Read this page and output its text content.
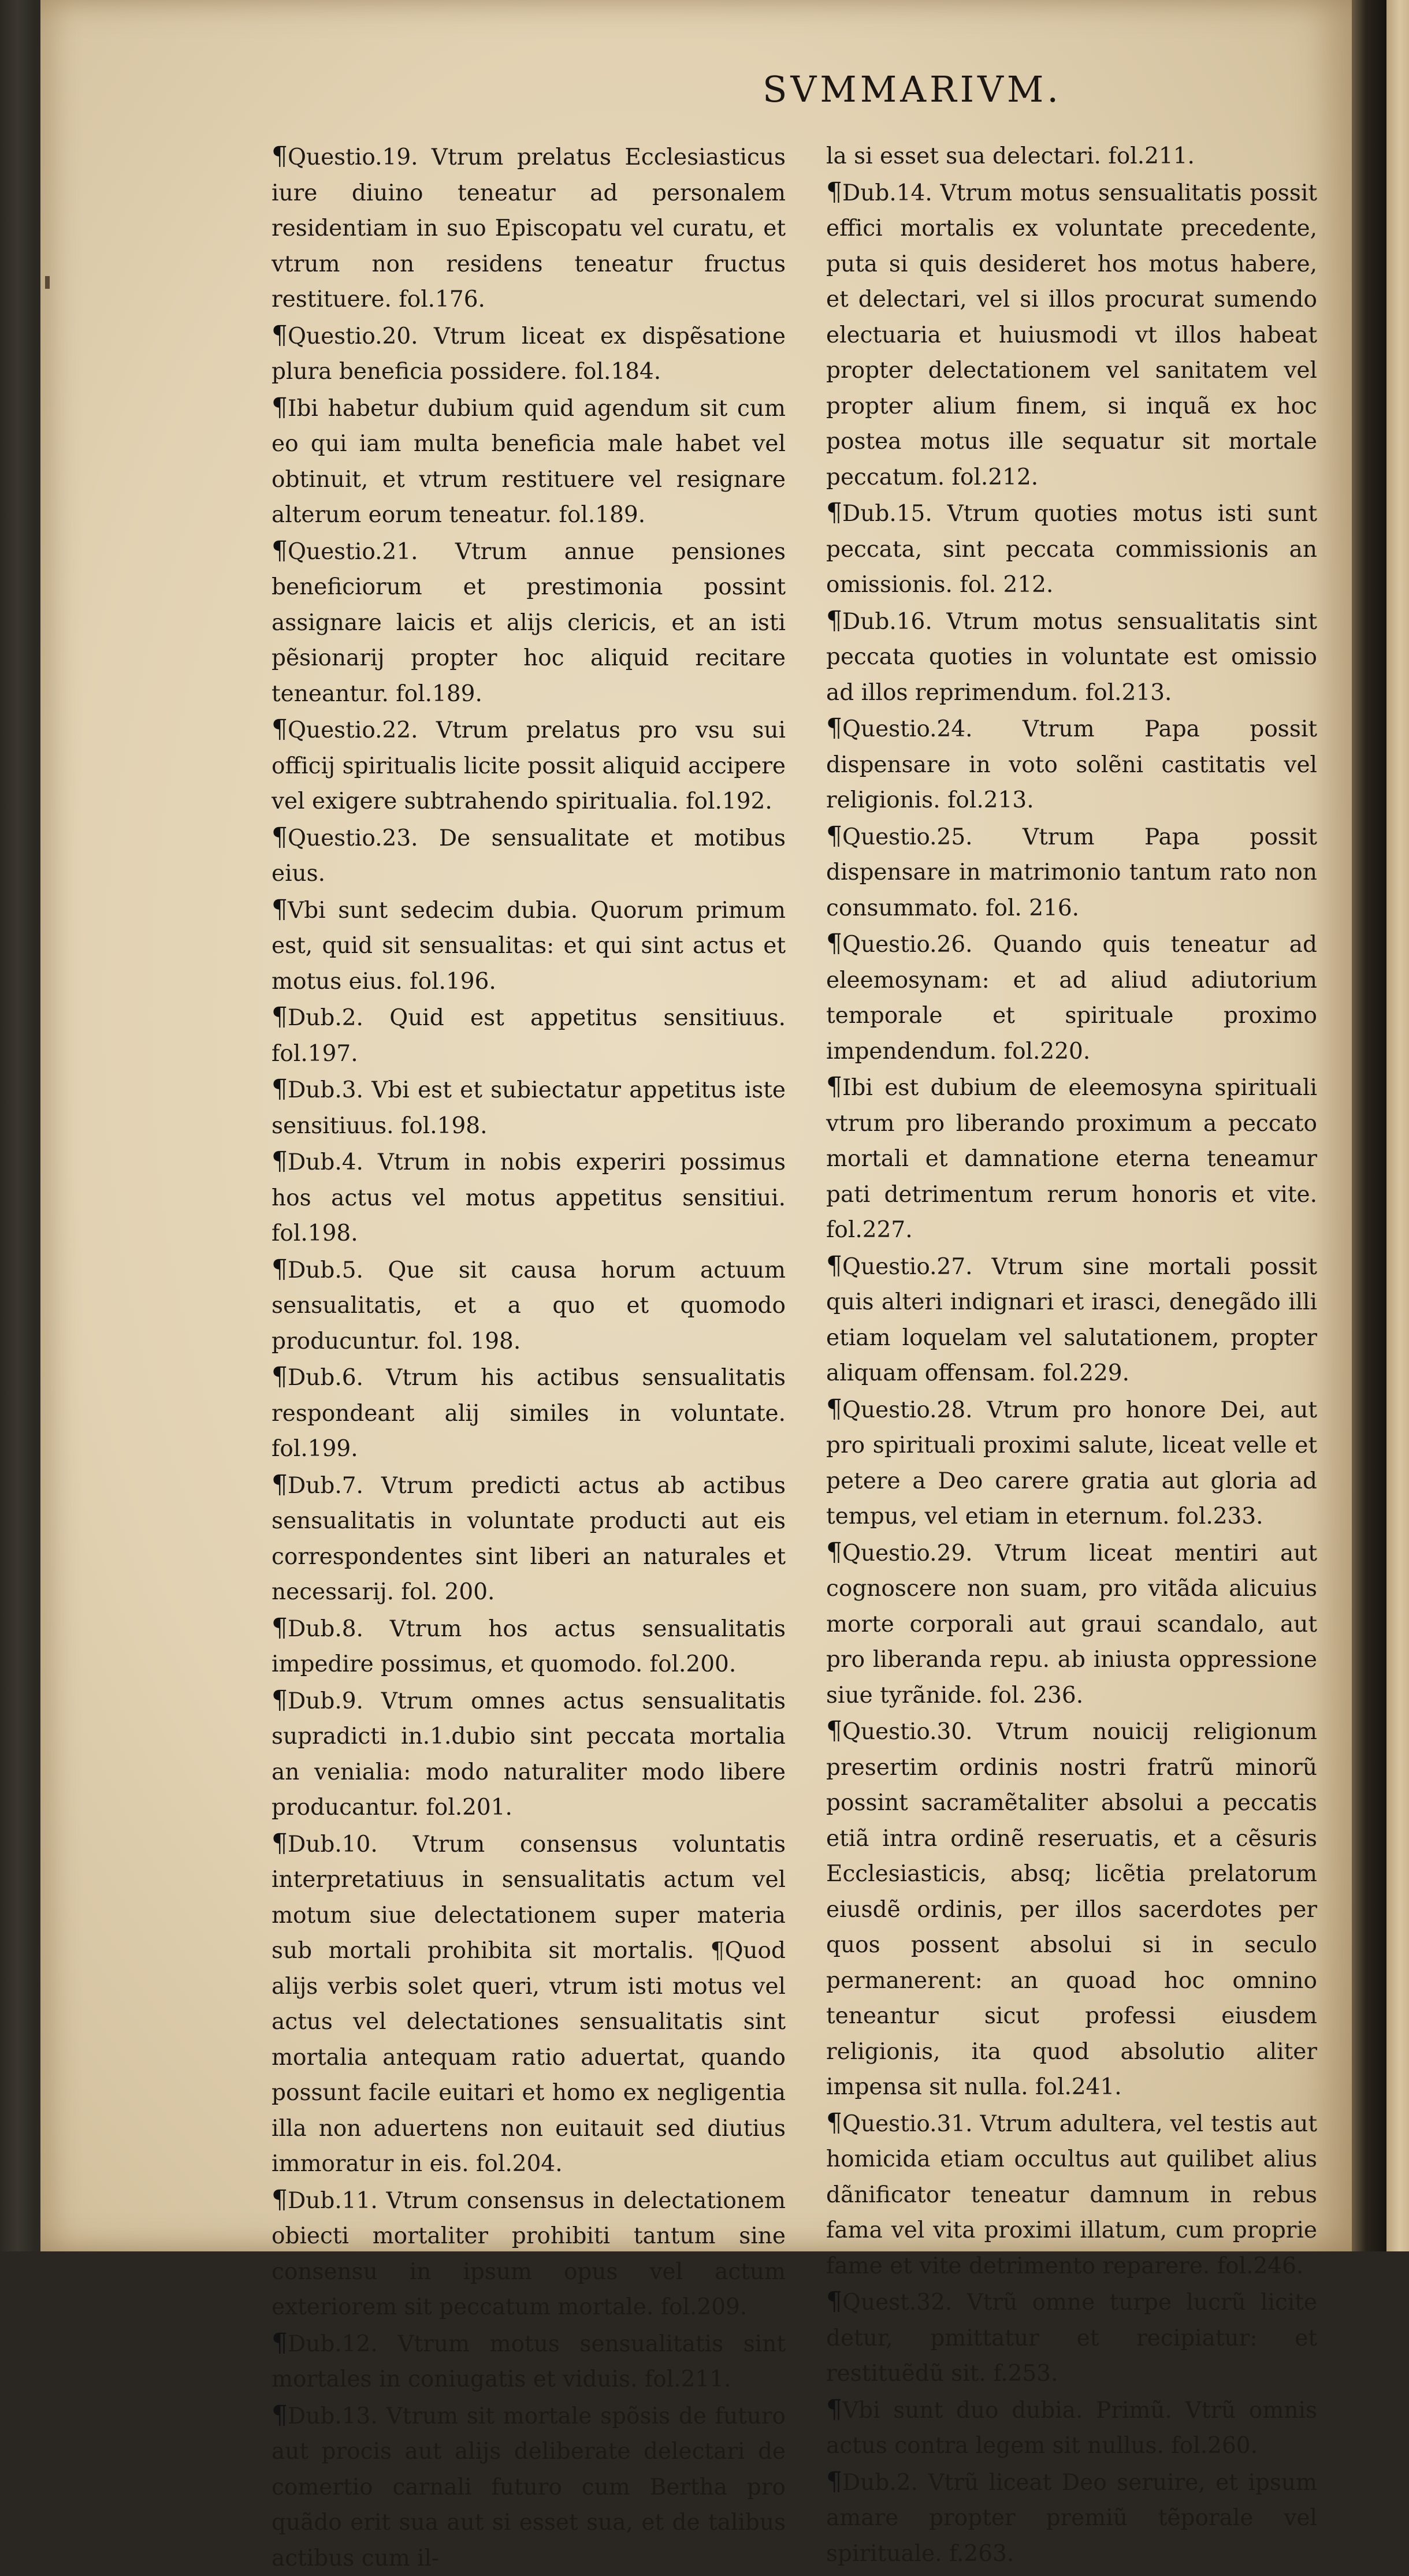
SVMMARIVM.

¶Questio.19. Vtrum prelatus Ecclesiasticus iure diuino teneatur ad personalem residentiam in suo Episcopatu vel curatu, et vtrum non residens teneatur fructus restituere. fol.176.

¶Questio.20. Vtrum liceat ex dispẽsatione plura beneficia possidere. fol.184.

¶Ibi habetur dubium quid agendum sit cum eo qui iam multa beneficia male habet vel obtinuit, et vtrum restituere vel resignare alterum eorum teneatur. fol.189.

¶Questio.21. Vtrum annue pensiones beneficiorum et prestimonia possint assignare laicis et alijs clericis, et an isti pẽsionarij propter hoc aliquid recitare teneantur. fol.189.

¶Questio.22. Vtrum prelatus pro vsu sui officij spiritualis licite possit aliquid accipere vel exigere subtrahendo spiritualia. fol.192.

¶Questio.23. De sensualitate et motibus eius.

¶Vbi sunt sedecim dubia. Quorum primum est, quid sit sensualitas: et qui sint actus et motus eius. fol.196.

¶Dub.2. Quid est appetitus sensitiuus. fol.197.

¶Dub.3. Vbi est et subiectatur appetitus iste sensitiuus. fol.198.

¶Dub.4. Vtrum in nobis experiri possimus hos actus vel motus appetitus sensitiui. fol.198.

¶Dub.5. Que sit causa horum actuum sensualitatis, et a quo et quomodo producuntur. fol. 198.

¶Dub.6. Vtrum his actibus sensualitatis respondeant alij similes in voluntate. fol.199.

¶Dub.7. Vtrum predicti actus ab actibus sensualitatis in voluntate producti aut eis correspondentes sint liberi an naturales et necessarij. fol. 200.

¶Dub.8. Vtrum hos actus sensualitatis impedire possimus, et quomodo. fol.200.

¶Dub.9. Vtrum omnes actus sensualitatis supradicti in.1.dubio sint peccata mortalia an venialia: modo naturaliter modo libere producantur. fol.201.

¶Dub.10. Vtrum consensus voluntatis interpretatiuus in sensualitatis actum vel motum siue delectationem super materia sub mortali prohibita sit mortalis. ¶Quod alijs verbis solet queri, vtrum isti motus vel actus vel delectationes sensualitatis sint mortalia antequam ratio aduertat, quando possunt facile euitari et homo ex negligentia illa non aduertens non euitauit sed diutius immoratur in eis. fol.204.

¶Dub.11. Vtrum consensus in delectationem obiecti mortaliter prohibiti tantum sine consensu in ipsum opus vel actum exteriorem sit peccatum mortale. fol.209.

¶Dub.12. Vtrum motus sensualitatis sint mortales in coniugatis et viduis. fol.211.

¶Dub.13. Vtrum sit mortale spõsis de futuro aut procis aut alijs deliberate delectari de comertio carnali futuro cum Bertha pro quãdo erit sua aut si esset sua, et de talibus actibus cum il-

la si esset sua delectari. fol.211.

¶Dub.14. Vtrum motus sensualitatis possit effici mortalis ex voluntate precedente, puta si quis desideret hos motus habere, et delectari, vel si illos procurat sumendo electuaria et huiusmodi vt illos habeat propter delectationem vel sanitatem vel propter alium finem, si inquã ex hoc postea motus ille sequatur sit mortale peccatum. fol.212.

¶Dub.15. Vtrum quoties motus isti sunt peccata, sint peccata commissionis an omissionis. fol. 212.

¶Dub.16. Vtrum motus sensualitatis sint peccata quoties in voluntate est omissio ad illos reprimendum. fol.213.

¶Questio.24. Vtrum Papa possit dispensare in voto solẽni castitatis vel religionis. fol.213.

¶Questio.25. Vtrum Papa possit dispensare in matrimonio tantum rato non consummato. fol. 216.

¶Questio.26. Quando quis teneatur ad eleemosynam: et ad aliud adiutorium temporale et spirituale proximo impendendum. fol.220.

¶Ibi est dubium de eleemosyna spirituali vtrum pro liberando proximum a peccato mortali et damnatione eterna teneamur pati detrimentum rerum honoris et vite. fol.227.

¶Questio.27. Vtrum sine mortali possit quis alteri indignari et irasci, denegãdo illi etiam loquelam vel salutationem, propter aliquam offensam. fol.229.

¶Questio.28. Vtrum pro honore Dei, aut pro spirituali proximi salute, liceat velle et petere a Deo carere gratia aut gloria ad tempus, vel etiam in eternum. fol.233.

¶Questio.29. Vtrum liceat mentiri aut cognoscere non suam, pro vitãda alicuius morte corporali aut graui scandalo, aut pro liberanda repu. ab iniusta oppressione siue tyrãnide. fol. 236.

¶Questio.30. Vtrum nouicij religionum presertim ordinis nostri fratrũ minorũ possint sacramẽtaliter absolui a peccatis etiã intra ordinẽ reseruatis, et a cẽsuris Ecclesiasticis, absq; licẽtia prelatorum eiusdẽ ordinis, per illos sacerdotes per quos possent absolui si in seculo permanerent: an quoad hoc omnino teneantur sicut professi eiusdem religionis, ita quod absolutio aliter impensa sit nulla. fol.241.

¶Questio.31. Vtrum adultera, vel testis aut homicida etiam occultus aut quilibet alius dãnificator teneatur damnum in rebus fama vel vita proximi illatum, cum proprie fame et vite detrimento reparere. fol.246.

¶Quest.32. Vtrũ omne turpe lucrũ licite detur, pmittatur et recipiatur: et restituẽdũ sit. f.253.

¶Vbi sunt duo dubia. Primũ. Vtrũ omnis actus contra legem sit nullus. fol.260.

¶Dub.2. Vtrũ liceat Deo seruire, et ipsum amare propter premiũ tẽporale vel spirituale. f.263.
